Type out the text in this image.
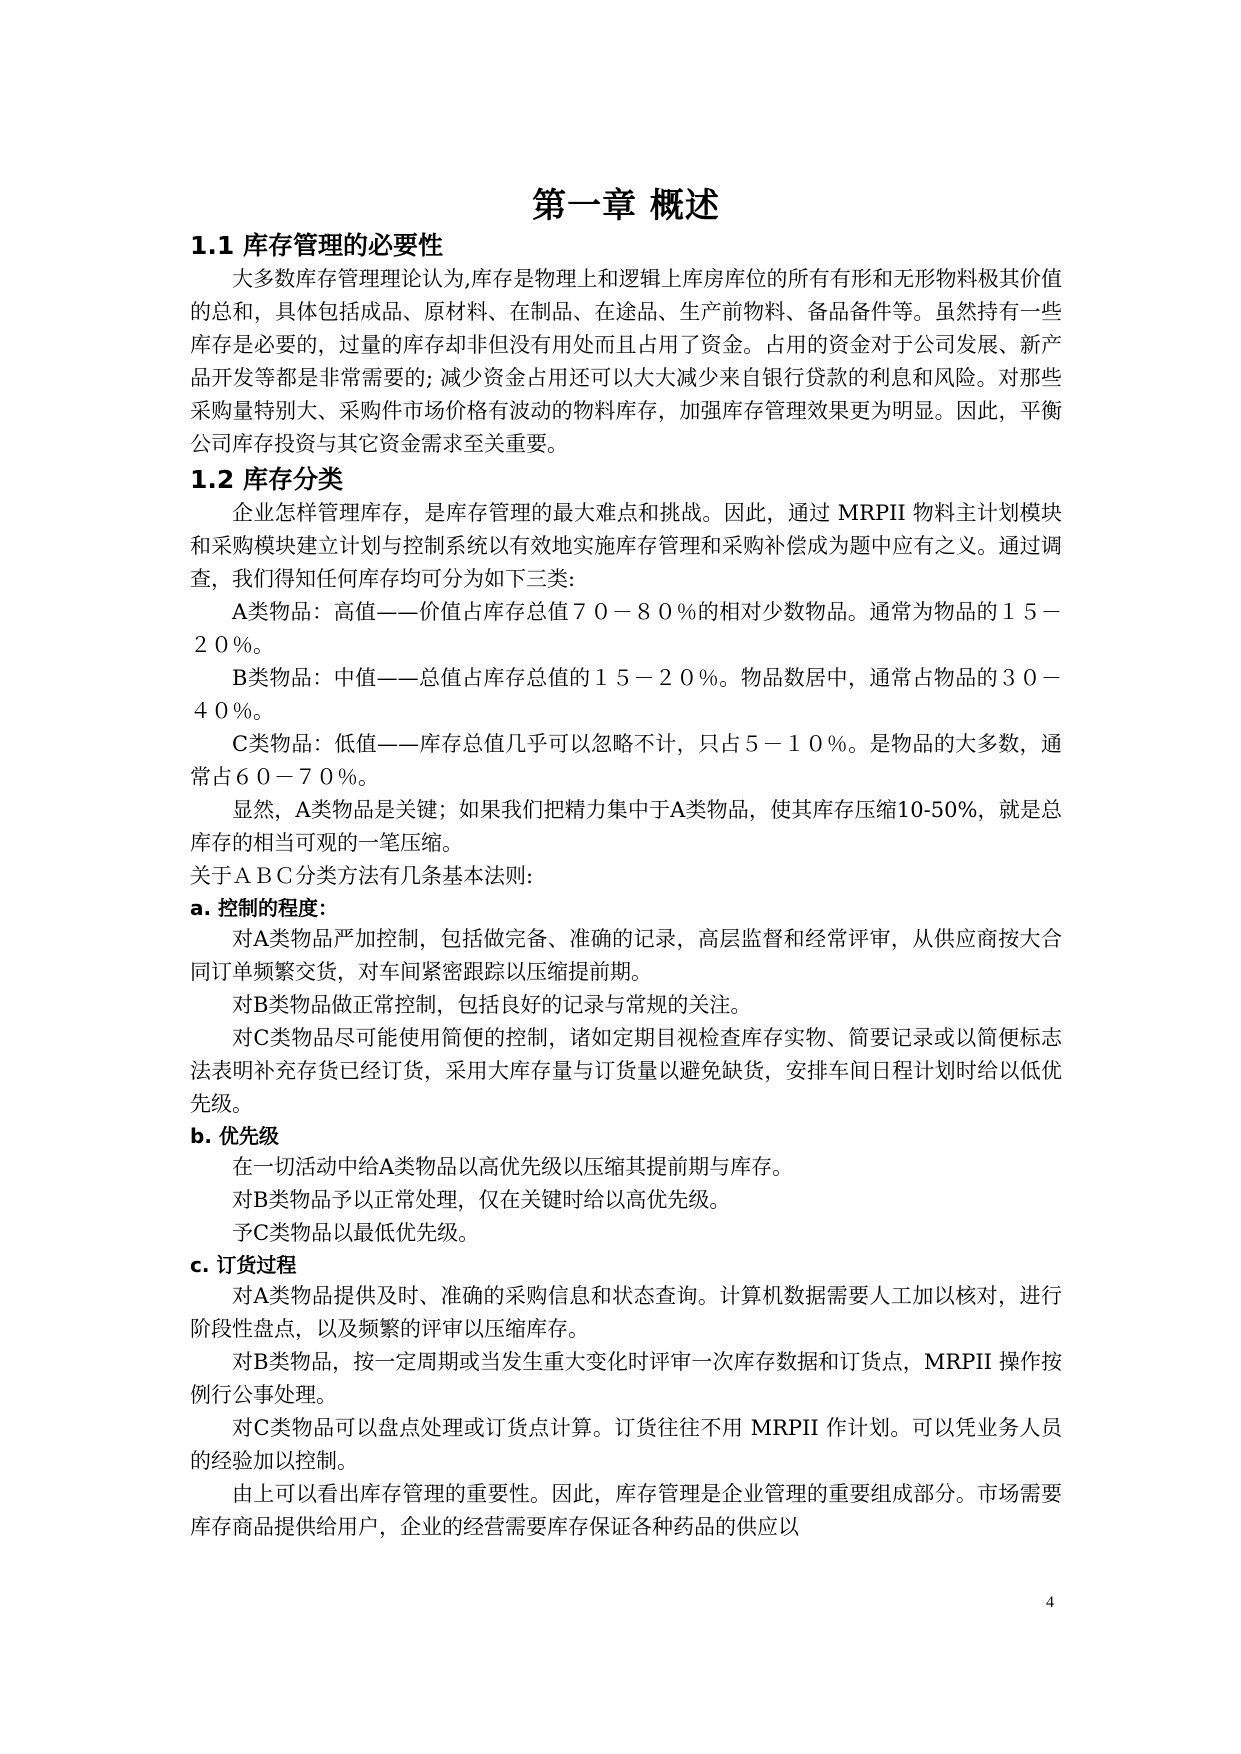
第一章 概述
1.1 库存管理的必要性

大多数库存管理理论认为,库存是物理上和逻辑上库房库位的所有有形和无形物料极其价值的总和，具体包括成品、原材料、在制品、在途品、生产前物料、备品备件等。虽然持有一些库存是必要的，过量的库存却非但没有用处而且占用了资金。占用的资金对于公司发展、新产品开发等都是非常需要的; 减少资金占用还可以大大减少来自银行贷款的利息和风险。对那些采购量特别大、采购件市场价格有波动的物料库存，加强库存管理效果更为明显。因此，平衡公司库存投资与其它资金需求至关重要。

1.2 库存分类

企业怎样管理库存，是库存管理的最大难点和挑战。因此，通过 MRPII 物料主计划模块和采购模块建立计划与控制系统以有效地实施库存管理和采购补偿成为题中应有之义。通过调查，我们得知任何库存均可分为如下三类:

A类物品：高值——价值占库存总值７０－８０％的相对少数物品。通常为物品的１５－２０％。

B类物品：中值——总值占库存总值的１５－２０％。物品数居中，通常占物品的３０－４０％。

C类物品：低值——库存总值几乎可以忽略不计，只占５－１０％。是物品的大多数，通常占６０－７０％。

显然，A类物品是关键；如果我们把精力集中于A类物品，使其库存压缩10-50%，就是总库存的相当可观的一笔压缩。

关于ＡＢＣ分类方法有几条基本法则:

a. 控制的程度：

对A类物品严加控制，包括做完备、准确的记录，高层监督和经常评审，从供应商按大合同订单频繁交货，对车间紧密跟踪以压缩提前期。

对B类物品做正常控制，包括良好的记录与常规的关注。

对C类物品尽可能使用简便的控制，诸如定期目视检查库存实物、简要记录或以简便标志法表明补充存货已经订货，采用大库存量与订货量以避免缺货，安排车间日程计划时给以低优先级。

b. 优先级

在一切活动中给A类物品以高优先级以压缩其提前期与库存。

对B类物品予以正常处理，仅在关键时给以高优先级。

予C类物品以最低优先级。

c. 订货过程

对A类物品提供及时、准确的采购信息和状态查询。计算机数据需要人工加以核对，进行阶段性盘点，以及频繁的评审以压缩库存。

对B类物品，按一定周期或当发生重大变化时评审一次库存数据和订货点，MRPII 操作按例行公事处理。

对C类物品可以盘点处理或订货点计算。订货往往不用 MRPII 作计划。可以凭业务人员的经验加以控制。

由上可以看出库存管理的重要性。因此，库存管理是企业管理的重要组成部分。市场需要库存商品提供给用户，企业的经营需要库存保证各种药品的供应以

4
